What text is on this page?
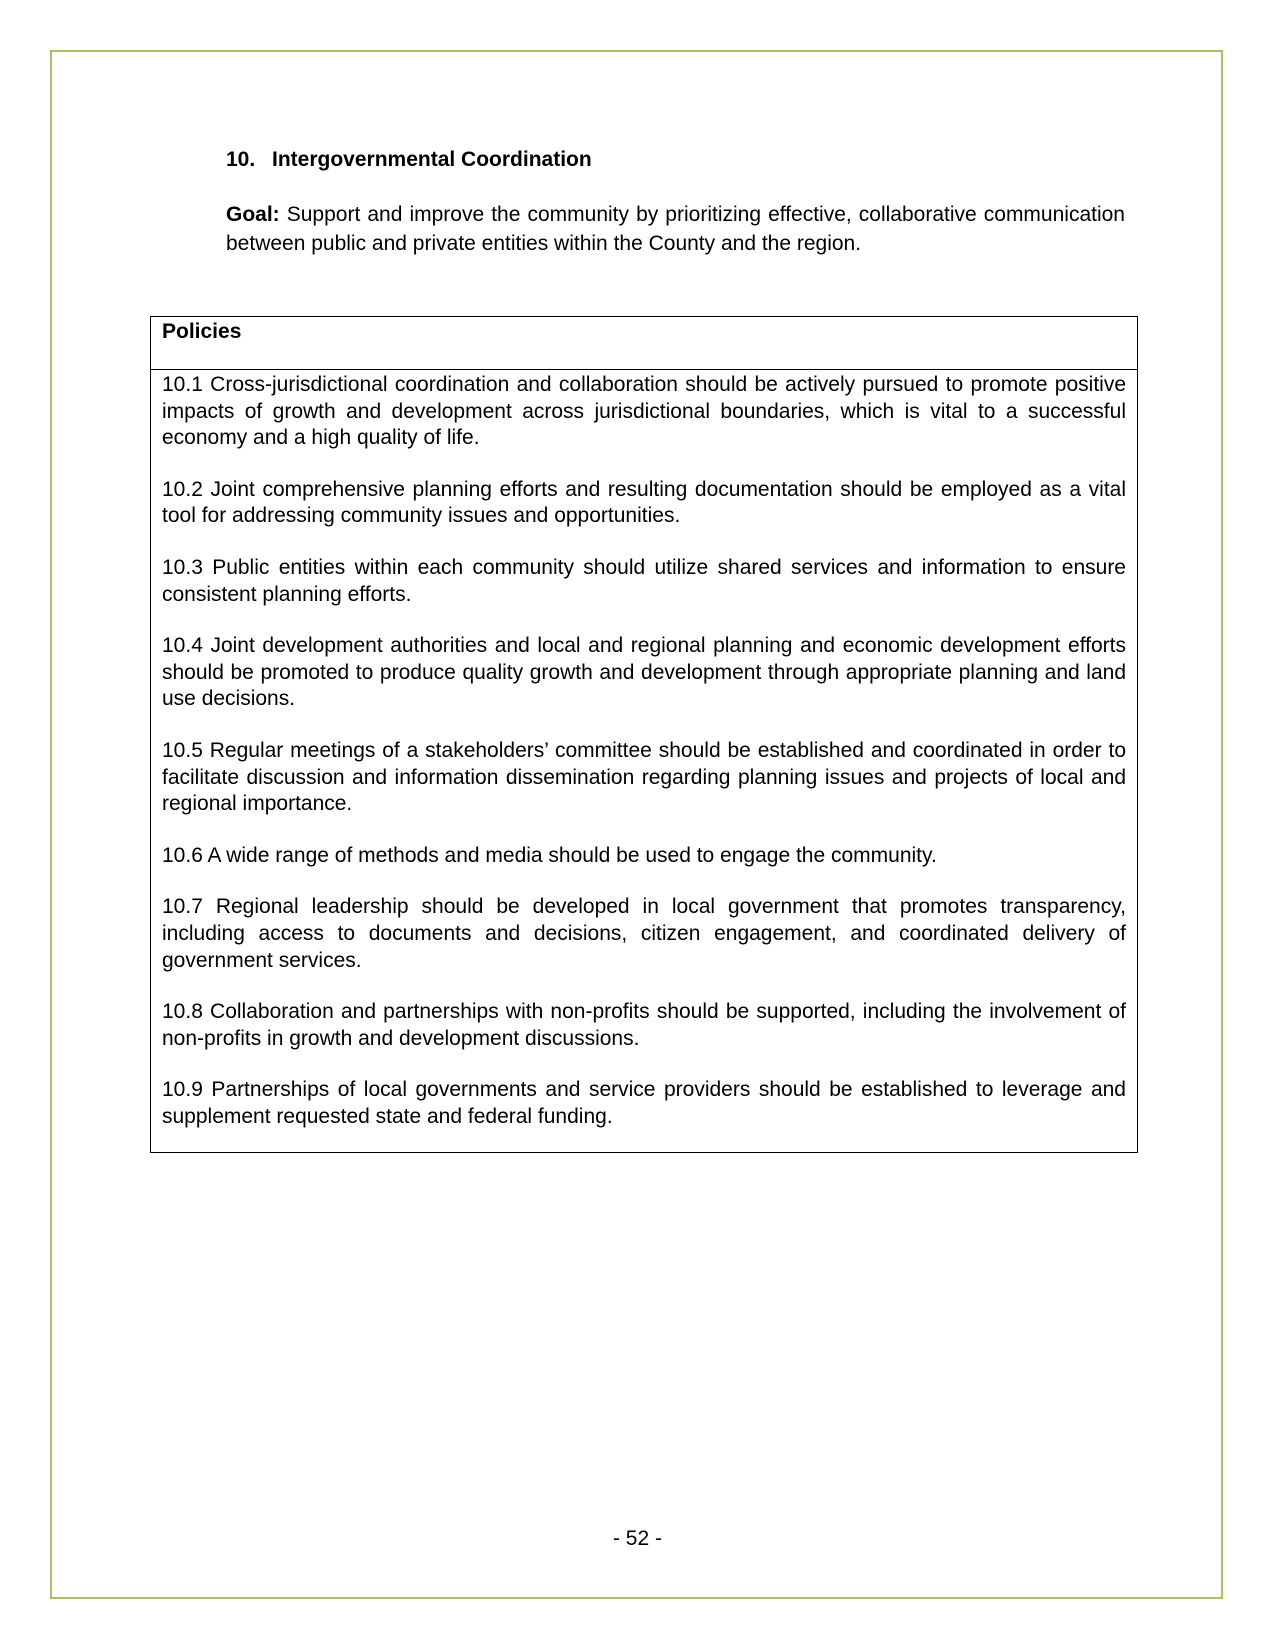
10. Intergovernmental Coordination
Goal: Support and improve the community by prioritizing effective, collaborative communication between public and private entities within the County and the region.
Policies

10.1 Cross-jurisdictional coordination and collaboration should be actively pursued to promote positive impacts of growth and development across jurisdictional boundaries, which is vital to a successful economy and a high quality of life.

10.2 Joint comprehensive planning efforts and resulting documentation should be employed as a vital tool for addressing community issues and opportunities.

10.3 Public entities within each community should utilize shared services and information to ensure consistent planning efforts.

10.4 Joint development authorities and local and regional planning and economic development efforts should be promoted to produce quality growth and development through appropriate planning and land use decisions.

10.5 Regular meetings of a stakeholders’ committee should be established and coordinated in order to facilitate discussion and information dissemination regarding planning issues and projects of local and regional importance.

10.6 A wide range of methods and media should be used to engage the community.

10.7 Regional leadership should be developed in local government that promotes transparency, including access to documents and decisions, citizen engagement, and coordinated delivery of government services.

10.8 Collaboration and partnerships with non-profits should be supported, including the involvement of non-profits in growth and development discussions.

10.9 Partnerships of local governments and service providers should be established to leverage and supplement requested state and federal funding.

- 52 -
